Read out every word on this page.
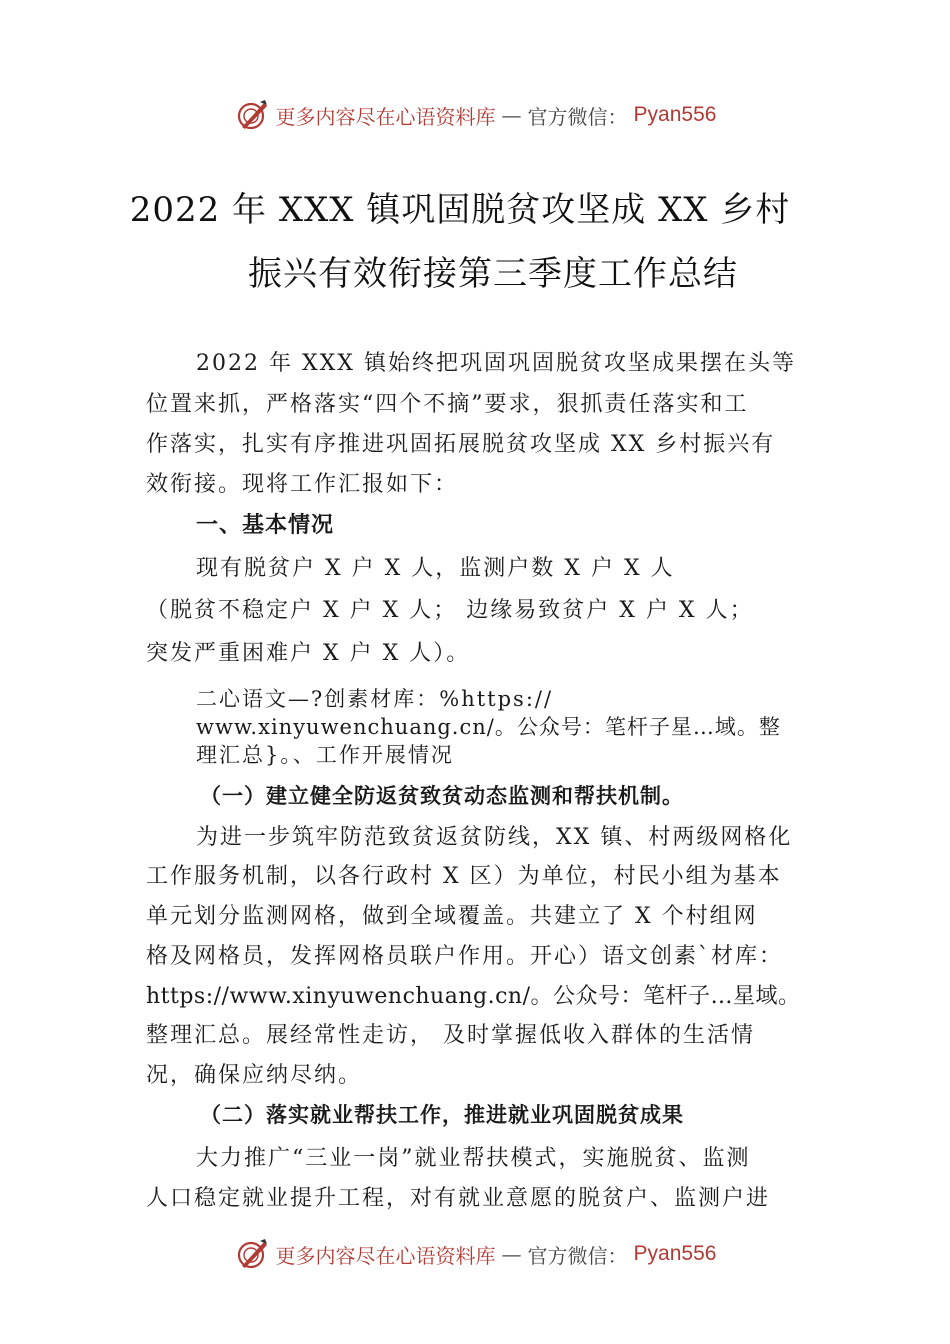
更多内容尽在心语资料库 — 官方微信： Pyan556
2022 年 XXX 镇巩固脱贫攻坚成 XX 乡村
振兴有效衔接第三季度工作总结
2022 年 XXX 镇始终把巩固巩固脱贫攻坚成果摆在头等
位置来抓，严格落实“四个不摘”要求，狠抓责任落实和工
作落实，扎实有序推进巩固拓展脱贫攻坚成 XX 乡村振兴有
效衔接。现将工作汇报如下：
一、基本情况
现有脱贫户 X 户 X 人，监测户数 X 户 X 人
（脱贫不稳定户 X 户 X 人； 边缘易致贫户 X 户 X 人；
突发严重困难户 X 户 X 人）。
二心语文—?创素材库：%https://
www.xinyuwenchuang.cn/。公众号：笔杆子星…域。整
理汇总}。、工作开展情况
（一）建立健全防返贫致贫动态监测和帮扶机制。
为进一步筑牢防范致贫返贫防线，XX 镇、村两级网格化
工作服务机制，以各行政村 X 区）为单位，村民小组为基本
单元划分监测网格，做到全域覆盖。共建立了 X 个村组网
格及网格员，发挥网格员联户作用。开心）语文创素`材库：
https://www.xinyuwenchuang.cn/。公众号：笔杆子…星域。
整理汇总。展经常性走访， 及时掌握低收入群体的生活情
况，确保应纳尽纳。
（二）落实就业帮扶工作，推进就业巩固脱贫成果
大力推广“三业一岗”就业帮扶模式，实施脱贫、监测
人口稳定就业提升工程，对有就业意愿的脱贫户、监测户进
更多内容尽在心语资料库 — 官方微信： Pyan556
